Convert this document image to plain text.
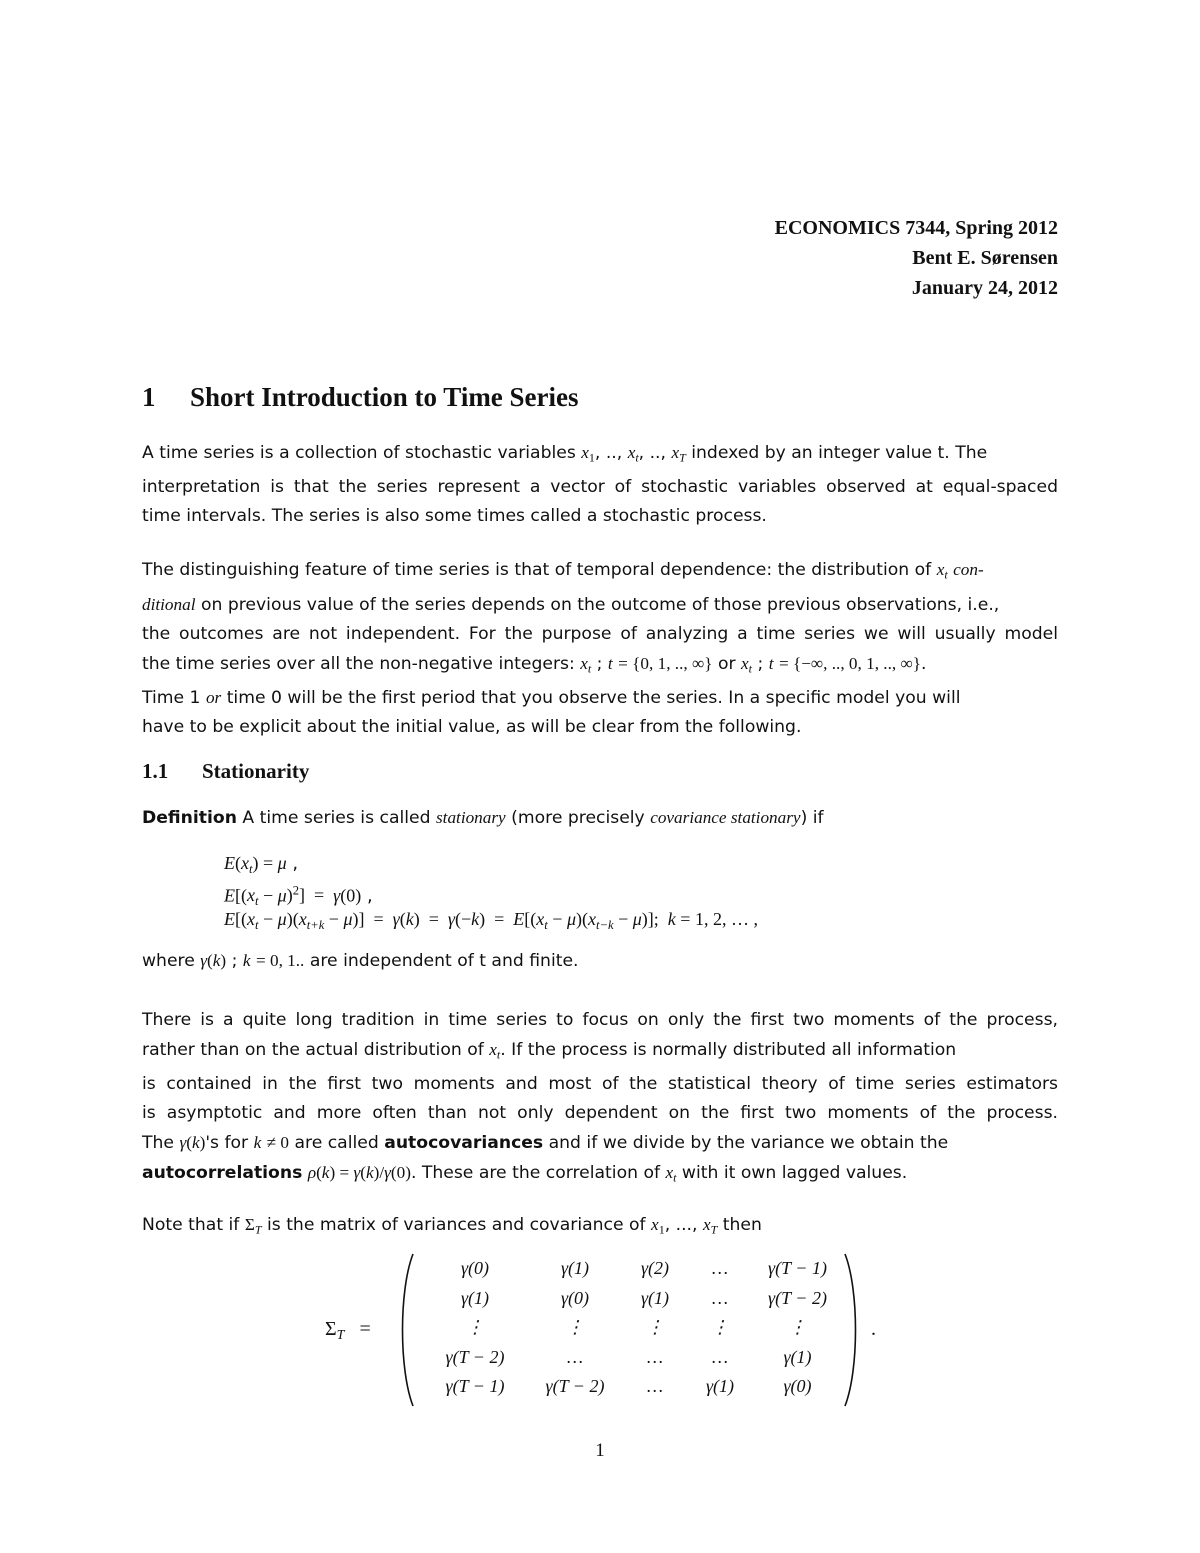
ECONOMICS 7344, Spring 2012
Bent E. Sørensen
January 24, 2012
1 Short Introduction to Time Series
A time series is a collection of stochastic variables $x_1$, .., $x_t$, .., $x_T$ indexed by an integer value t. The
interpretation is that the series represent a vector of stochastic variables observed at equal-spaced
time intervals. The series is also some times called a stochastic process.
The distinguishing feature of time series is that of temporal dependence: the distribution of $x_t$ con-
ditional on previous value of the series depends on the outcome of those previous observations, i.e.,
the outcomes are not independent. For the purpose of analyzing a time series we will usually model
the time series over all the non-negative integers: $x_t$ ; t = {0, 1, .., ∞} or $x_t$ ; t = {−∞, .., 0, 1, .., ∞}.
Time 1 or time 0 will be the first period that you observe the series. In a specific model you will
have to be explicit about the initial value, as will be clear from the following.
1.1 Stationarity
Definition A time series is called stationary (more precisely covariance stationary) if
$E(x_t) = \mu$ ,
$E[(x_t - \mu)^2] = \gamma(0)$ ,
$E[(x_t - \mu)(x_{t+k} - \mu)] = \gamma(k) = \gamma(-k) = E[(x_t - \mu)(x_{t-k} - \mu)]$;  k = 1, 2, … ,
where γ(k) ; k = 0, 1.. are independent of t and finite.
There is a quite long tradition in time series to focus on only the first two moments of the process,
rather than on the actual distribution of $x_t$. If the process is normally distributed all information
is contained in the first two moments and most of the statistical theory of time series estimators
is asymptotic and more often than not only dependent on the first two moments of the process.
The γ(k)'s for k ≠ 0 are called autocovariances and if we divide by the variance we obtain the
autocorrelations ρ(k) = γ(k)/γ(0). These are the correlation of $x_t$ with it own lagged values.
Note that if $\Sigma_T$ is the matrix of variances and covariance of $x_1$, ..., $x_T$ then
$\Sigma_T$   =
γ(0)	γ(1)	γ(2)	…	γ(T − 1)
γ(1)	γ(0)	γ(1)	…	γ(T − 2)
⋮	⋮	⋮	⋮	⋮
γ(T − 2)	…	…	…	γ(1)
γ(T − 1)	γ(T − 2)	…	γ(1)	γ(0)
.
1
